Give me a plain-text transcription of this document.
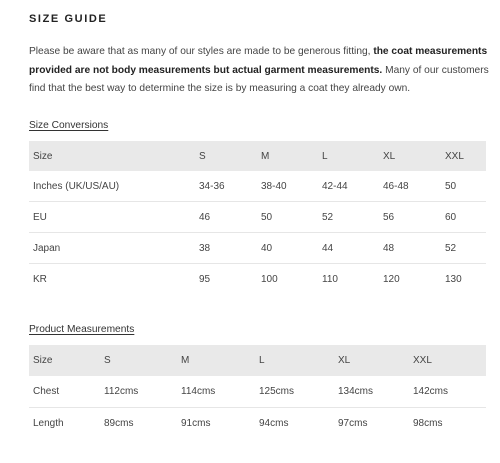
SIZE GUIDE
Please be aware that as many of our styles are made to be generous fitting, the coat measurements provided are not body measurements but actual garment measurements. Many of our customers find that the best way to determine the size is by measuring a coat they already own.
Size Conversions
Size	S	M	L	XL	XXL
Inches (UK/US/AU)	34-36	38-40	42-44	46-48	50
EU	46	50	52	56	60
Japan	38	40	44	48	52
KR	95	100	110	120	130
Product Measurements
Size	S	M	L	XL	XXL
Chest	112cms	114cms	125cms	134cms	142cms
Length	89cms	91cms	94cms	97cms	98cms
